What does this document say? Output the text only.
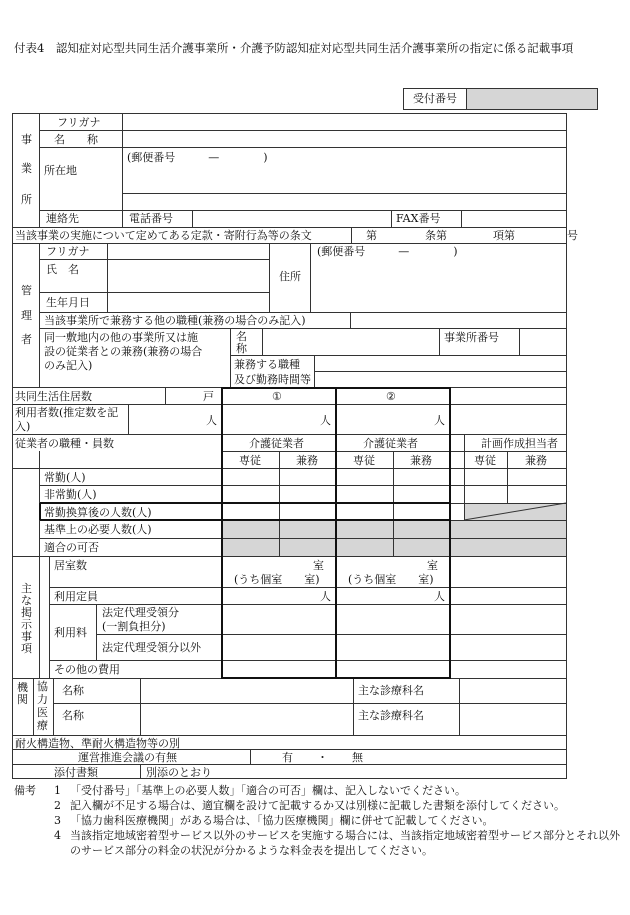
付表4　認知症対応型共同生活介護事業所・介護予防認知症対応型共同生活介護事業所の指定に係る記載事項
受付番号
事
業
所
フリガナ
名　　称
所在地
(郵便番号　　　—　　　　)
連絡先	電話番号	FAX番号
当該事業の実施について定めてある定款・寄附行為等の条文	第	条第	項第	号
管
理
者
フリガナ
氏　名
住所
(郵便番号　　　—　　　　)
生年月日
当該事業所で兼務する他の職種(兼務の場合のみ記入)
同一敷地内の他の事業所又は施
設の従業者との兼務(兼務の場合
のみ記入)
名
称
事業所番号
兼務する職種
及び勤務時間等
共同生活住居数	戸	①	②
利用者数(推定数を記
入)	人	人	人
従業者の職種・員数	介護従業者	介護従業者	計画作成担当者
専従	兼務	専従	兼務	専従	兼務
常勤(人)
非常勤(人)
常勤換算後の人数(人)
基準上の必要人数(人)
適合の可否
主
な
掲
示
事
項
居室数	室	室
(うち個室　　室)	(うち個室　　室)
利用定員	人	人
利用料
法定代理受領分
(一割負担分)
法定代理受領分以外
その他の費用
機
関
協
力
医
療
名称	主な診療科名
名称	主な診療科名
耐火構造物、準耐火構造物等の別
運営推進会議の有無	有 ・ 無
添付書類	別添のとおり
備考	1 「受付番号」「基準上の必要人数」「適合の可否」欄は、記入しないでください。
2 記入欄が不足する場合は、適宜欄を設けて記載するか又は別様に記載した書類を添付してください。
3 「協力歯科医療機関」がある場合は、「協力医療機関」欄に併せて記載してください。
4 当該指定地域密着型サービス以外のサービスを実施する場合には、当該指定地域密着型サービス部分とそれ以外のサービス部分の料金の状況が分かるような料金表を提出してください。
